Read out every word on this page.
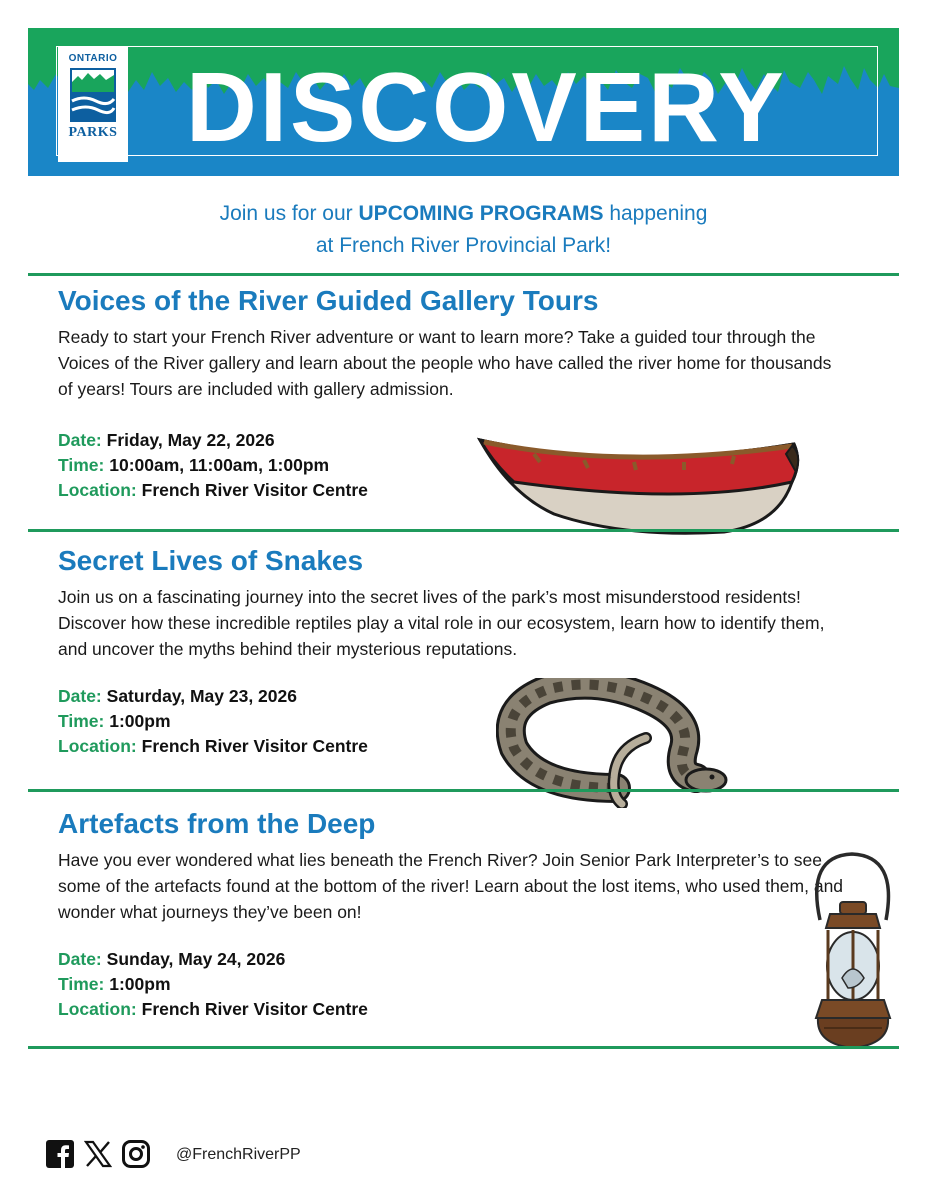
ONTARIO
PARKS DISCOVERY
Join us for our UPCOMING PROGRAMS happening
at French River Provincial Park!
Voices of the River Guided Gallery Tours

Ready to start your French River adventure or want to learn more? Take a guided tour through the Voices of the River gallery and learn about the people who have called the river home for thousands of years! Tours are included with gallery admission.

Date: Friday, May 22, 2026
Time: 10:00am, 11:00am, 1:00pm
Location: French River Visitor Centre
Secret Lives of Snakes

Join us on a fascinating journey into the secret lives of the park’s most misunderstood residents! Discover how these incredible reptiles play a vital role in our ecosystem, learn how to identify them, and uncover the myths behind their mysterious reputations.

Date: Saturday, May 23, 2026
Time: 1:00pm
Location: French River Visitor Centre
Artefacts from the Deep

Have you ever wondered what lies beneath the French River? Join Senior Park Interpreter’s to see some of the artefacts found at the bottom of the river! Learn about the lost items, who used them, and wonder what journeys they’ve been on!

Date: Sunday, May 24, 2026
Time: 1:00pm
Location: French River Visitor Centre
@FrenchRiverPP
